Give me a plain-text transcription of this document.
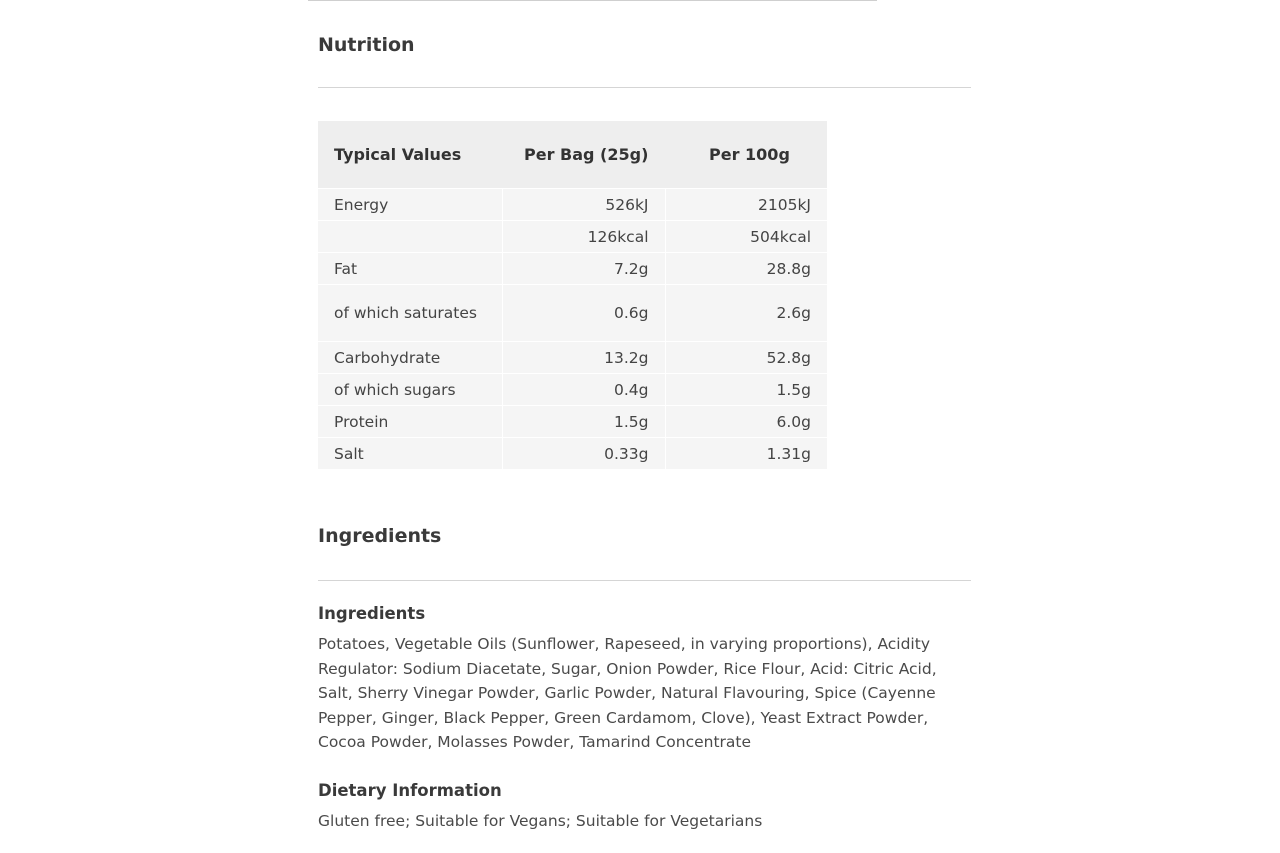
Nutrition
Typical Values	Per Bag (25g)	Per 100g
Energy	526kJ	2105kJ
	126kcal	504kcal
Fat	7.2g	28.8g
of which saturates	0.6g	2.6g
Carbohydrate	13.2g	52.8g
of which sugars	0.4g	1.5g
Protein	1.5g	6.0g
Salt	0.33g	1.31g
Ingredients
Ingredients

Potatoes, Vegetable Oils (Sunflower, Rapeseed, in varying proportions), Acidity Regulator: Sodium Diacetate, Sugar, Onion Powder, Rice Flour, Acid: Citric Acid, Salt, Sherry Vinegar Powder, Garlic Powder, Natural Flavouring, Spice (Cayenne Pepper, Ginger, Black Pepper, Green Cardamom, Clove), Yeast Extract Powder, Cocoa Powder, Molasses Powder, Tamarind Concentrate

Dietary Information

Gluten free; Suitable for Vegans; Suitable for Vegetarians
